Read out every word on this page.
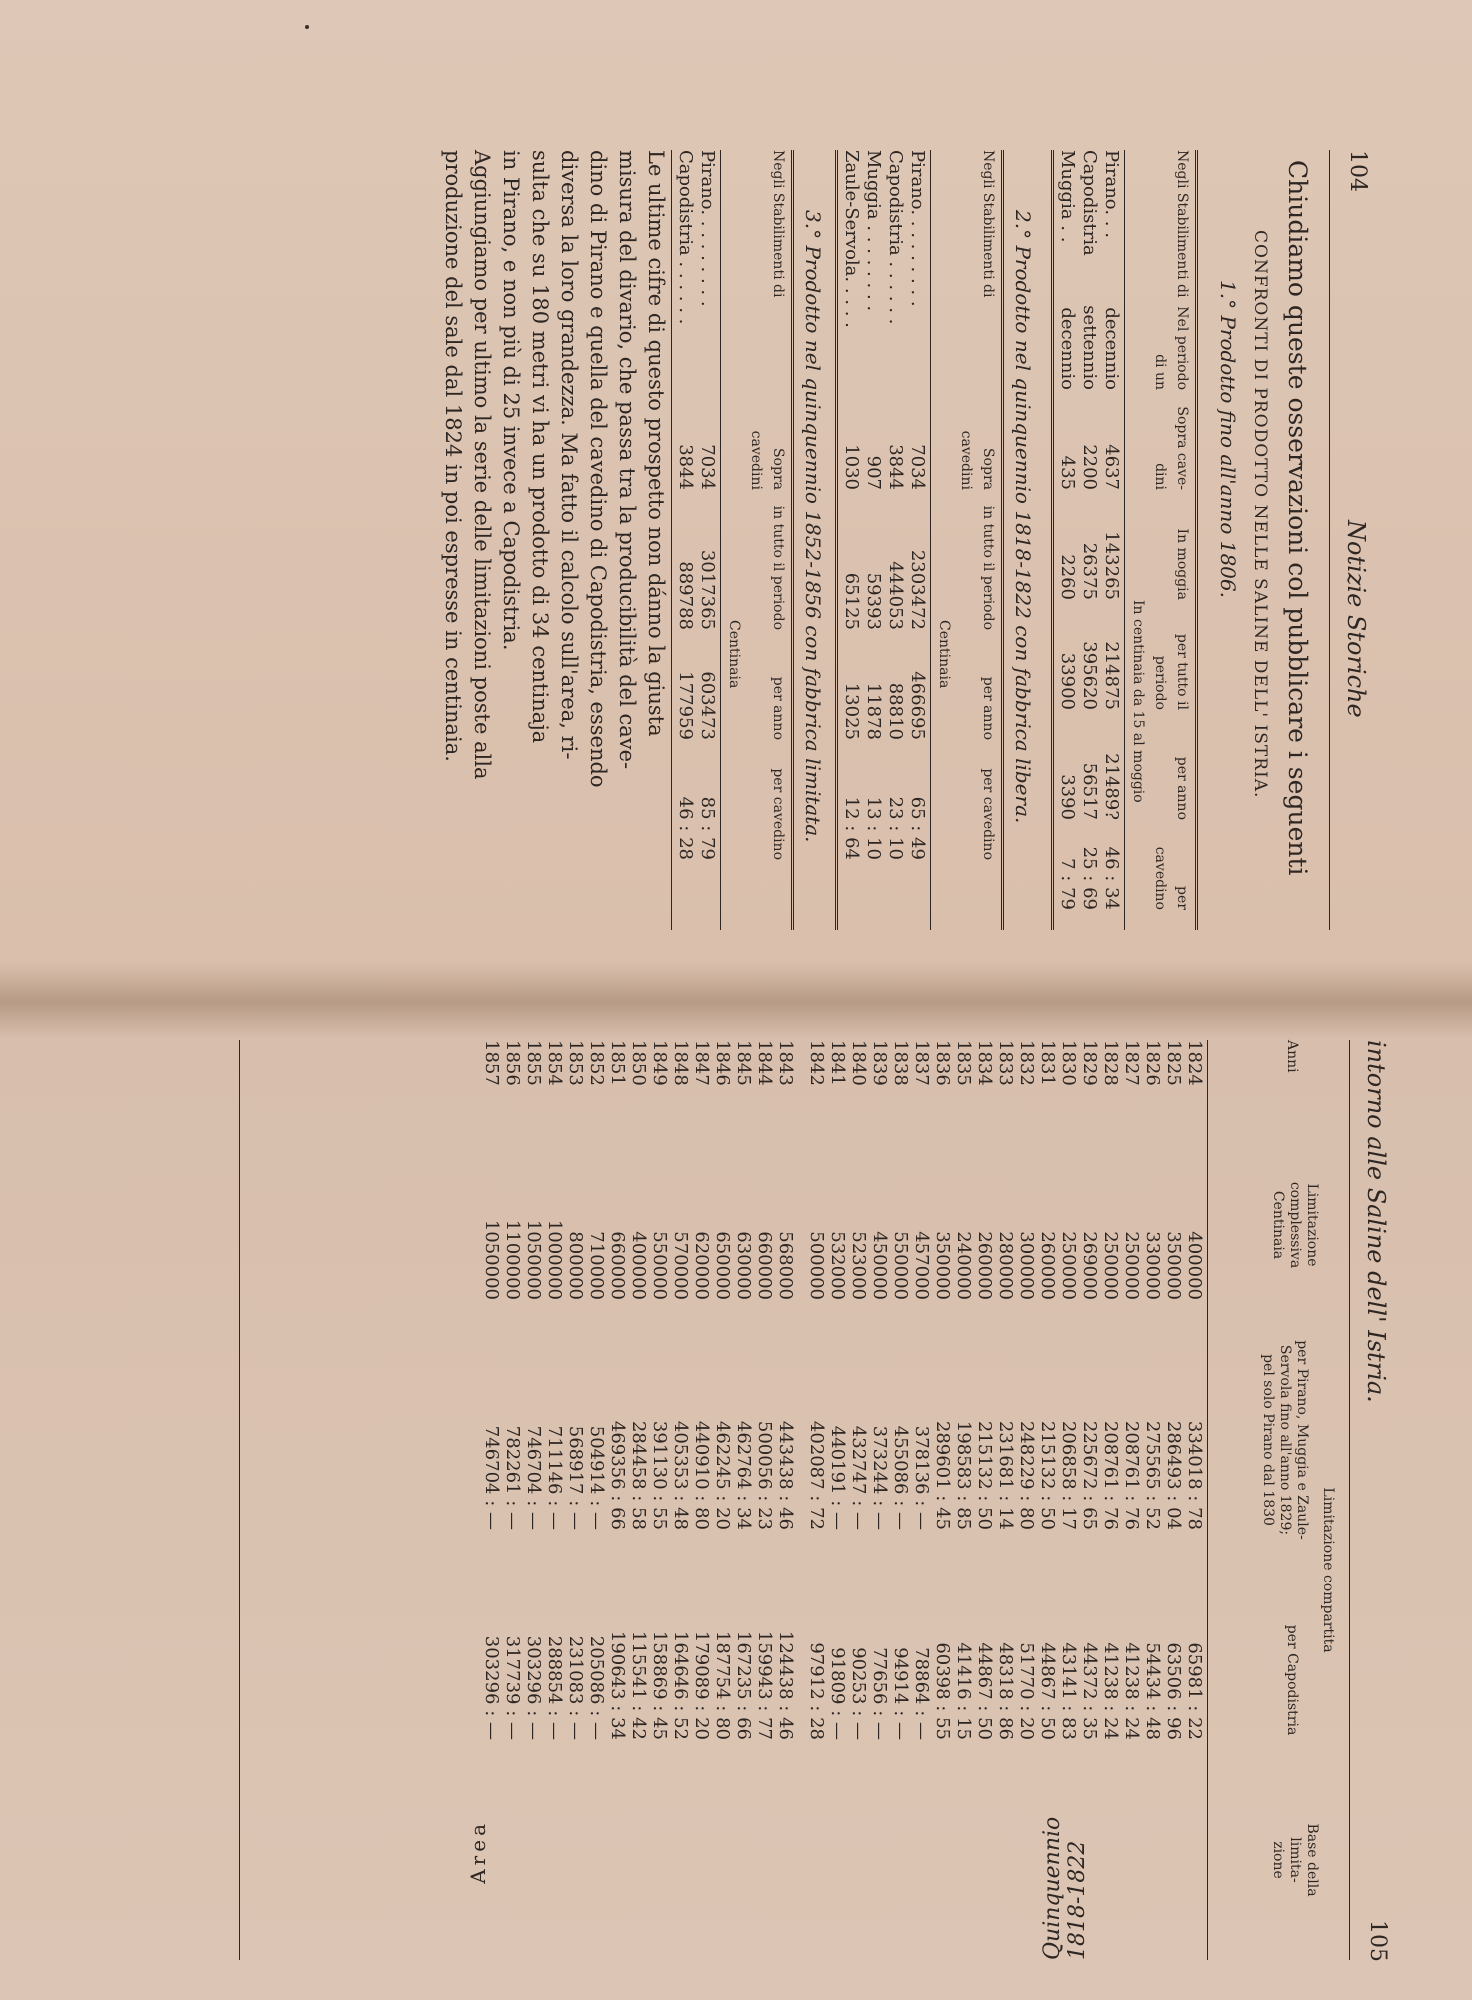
104
Notizie Storiche
Chiudiamo queste osservazioni col pubblicare i seguenti
CONFRONTI DI PRODOTTO NELLE SALINE DELL' ISTRIA.
1.° Prodotto fino all'anno 1806.
Negli Stabilimenti di
Nel periodo di un
Sopra cave-dini
In moggia
per tutto il periodo
per anno
per cavedino
In centinaia da 15 al moggio
Pirano. . .
decennio
4637
143265
214875
21489?
46 : 34
Capodistria
settennio
2200
26375
395620
56517
25 : 69
Muggia . .
decennio
435
2260
33900
3390
7 : 79
2.° Prodotto nel quinquennio 1818-1822 con fabbrica libera.
Negli Stabilimenti di
Sopra cavedini
in tutto il periodo
per anno
per cavedino
Centinaia
Pirano. . . . . . . . .
7034
2303472
466695
65 : 49
Capodistria . . . . . .
3844
444053
88810
23 : 10
Muggia . . . . . . . .
907
59393
11878
13 : 10
Zaule-Servola. . . . .
1030
65125
13025
12 : 64
3.° Prodotto nel quinquennio 1852-1856 con fabbrica limitata.
Negli Stabilimenti di
Sopra cavedini
in tutto il periodo
per anno
per cavedino
Centinaia
Pirano. . . . . . . . .
7034
3017365
603473
85 : 79
Capodistria . . . . . .
3844
889788
177959
46 : 28
Le ultime cifre di questo prospetto non dánno la giusta
misura del divario, che passa tra la producibilità del cave-
dino di Pirano e quella del cavedino di Capodistria, essendo
diversa la loro grandezza. Ma fatto il calcolo sull'area, ri-
sulta che su 180 metri vi ha un prodotto di 34 centinaja
in Pirano, e non più di 25 invece a Capodistria.
Aggiungiamo per ultimo la serie delle limitazioni poste alla
produzione del sale dal 1824 in poi espresse in centinaia.
intorno alle Saline dell' Istria.
105
Anni
Limitazione complessiva Centinaia
Limitazione compartita
per Pirano, Muggia e Zaule-Servola fino all'anno 1829; pel solo Pirano dal 1830
per Capodistria
Base della limita-zione
1824
400000
334018 : 78
65981 : 22
1825
350000
286493 : 04
63506 : 96
1826
330000
275565 : 52
54434 : 48
1827
250000
208761 : 76
41238 : 24
1828
250000
208761 : 76
41238 : 24
1829
269000
225672 : 65
44372 : 35
1830
250000
206858 : 17
43141 : 83
1831
260000
215132 : 50
44867 : 50
1832
300000
248229 : 80
51770 : 20
1833
280000
231681 : 14
48318 : 86
1834
260000
215132 : 50
44867 : 50
1835
240000
198583 : 85
41416 : 15
1836
350000
289601 : 45
60398 : 55
1837
457000
378136 : —
78864 : —
1838
550000
455086 : —
94914 : —
1839
450000
373244 : —
77656 : —
1840
523000
432747 : —
90253 : —
1841
532000
440191 : —
91809 : —
1842
500000
402087 : 72
97912 : 28
1843
568000
443438 : 46
124438 : 46
1844
660000
500056 : 23
159943 : 77
1845
630000
462764 : 34
167235 : 66
1846
650000
462245 : 20
187754 : 80
1847
620000
440910 : 80
179089 : 20
1848
570000
405353 : 48
164646 : 52
1849
550000
391130 : 55
158869 : 45
1850
400000
284458 : 58
115541 : 42
1851
660000
469356 : 66
190643 : 34
1852
710000
504914 : —
205086 : —
1853
800000
568917 : —
231083 : —
1854
1000000
711146 : —
288854 : —
1855
1050000
746704 : —
303296 : —
1856
1100000
782261 : —
317739 : —
1857
1050000
746704 : —
303296 : —
Quinquennio 1818-1822
Area
